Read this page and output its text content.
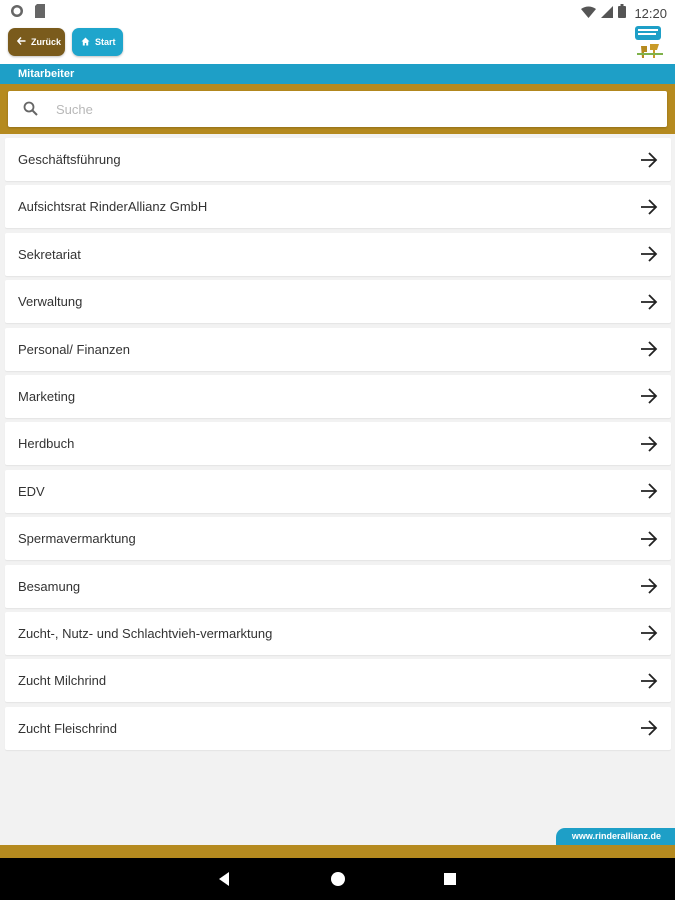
12:20
Zurück	Start
Mitarbeiter
Suche
Geschäftsführung
Aufsichtsrat RinderAllianz GmbH
Sekretariat
Verwaltung
Personal/ Finanzen
Marketing
Herdbuch
EDV
Spermavermarktung
Besamung
Zucht-, Nutz- und Schlachtvieh-vermarktung
Zucht Milchrind
Zucht Fleischrind
www.rinderallianz.de
